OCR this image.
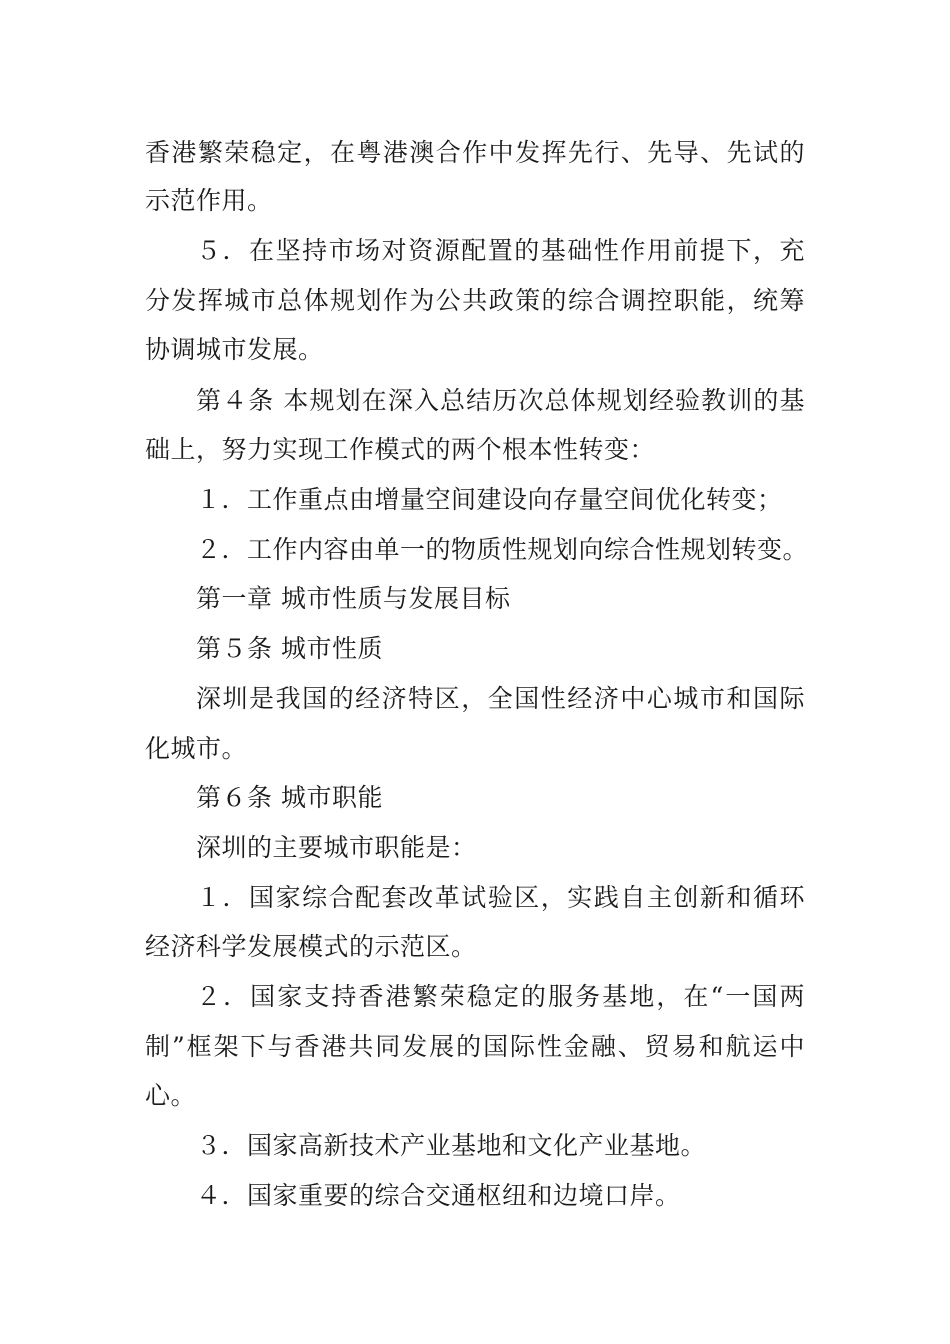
香港繁荣稳定，在粤港澳合作中发挥先行、先导、先试的
示范作用。
５．在坚持市场对资源配置的基础性作用前提下，充
分发挥城市总体规划作为公共政策的综合调控职能，统筹
协调城市发展。
第４条 本规划在深入总结历次总体规划经验教训的基
础上，努力实现工作模式的两个根本性转变：
１．工作重点由增量空间建设向存量空间优化转变；
２．工作内容由单一的物质性规划向综合性规划转变。
第一章 城市性质与发展目标
第５条 城市性质
深圳是我国的经济特区，全国性经济中心城市和国际
化城市。
第６条 城市职能
深圳的主要城市职能是：
１．国家综合配套改革试验区，实践自主创新和循环
经济科学发展模式的示范区。
２．国家支持香港繁荣稳定的服务基地，在“一国两
制”框架下与香港共同发展的国际性金融、贸易和航运中
心。
３．国家高新技术产业基地和文化产业基地。
４．国家重要的综合交通枢纽和边境口岸。
